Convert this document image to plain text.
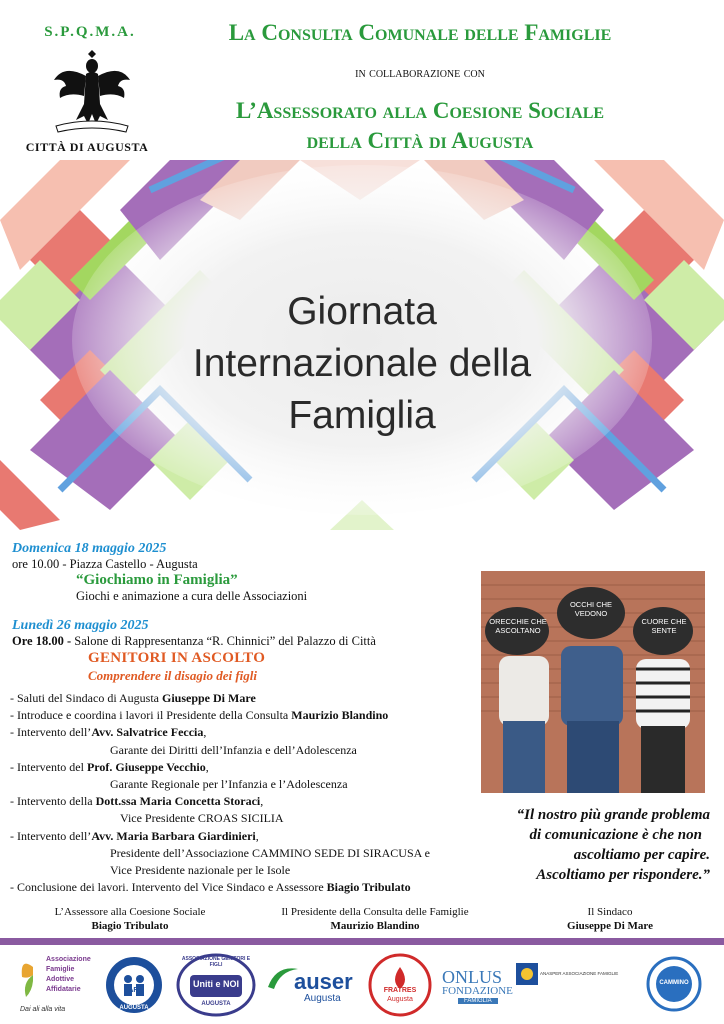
S.P.Q.M.A.
CITTÀ DI AUGUSTA
La Consulta Comunale delle Famiglie
in collaborazione con
L’Assessorato alla Coesione Sociale
della Città di Augusta
Giornata
Internazionale della
Famiglia
Domenica 18 maggio 2025
ore 10.00 - Piazza Castello - Augusta
“Giochiamo in Famiglia”
Giochi e animazione a cura delle Associazioni
Lunedì 26 maggio 2025
Ore 18.00 - Salone di Rappresentanza “R. Chinnici” del Palazzo di Città
GENITORI IN ASCOLTO
Comprendere il disagio dei figli
- Saluti del Sindaco di Augusta Giuseppe Di Mare
- Introduce e coordina i lavori il Presidente della Consulta Maurizio Blandino
- Intervento dell’Avv. Salvatrice Feccia,
Garante dei Diritti dell’Infanzia e dell’Adolescenza
- Intervento del Prof. Giuseppe Vecchio,
Garante Regionale per l’Infanzia e l’Adolescenza
- Intervento della Dott.ssa Maria Concetta Storaci,
Vice Presidente CROAS SICILIA
- Intervento dell’Avv. Maria Barbara Giardinieri,
Presidente dell’Associazione CAMMINO SEDE DI SIRACUSA e
Vice Presidente nazionale per le Isole
- Conclusione dei lavori. Intervento del Vice Sindaco e Assessore Biagio Tribulato
ORECCHIE CHE ASCOLTANO
OCCHI CHE VEDONO
CUORE CHE SENTE
“Il nostro più grande problema
di comunicazione è che non
ascoltiamo per capire.
Ascoltiamo per rispondere.”
L’Assessore alla Coesione Sociale
Biagio Tribulato
Il Presidente della Consulta delle Famiglie
Maurizio Blandino
Il Sindaco
Giuseppe Di Mare
Associazione
Famiglie
Adottive
Affidatarie
Dai ali alla vita
AFI
AUGUSTA
ASSOCIAZIONE GENITORI E FIGLI
Uniti e NOI
AUGUSTA
auser
Augusta
FRATRES
Augusta
ONLUS
FONDAZIONE
FAMIGLIA
ANASPER ASSOCIAZIONE FAMIGLIE
CAMMINO
